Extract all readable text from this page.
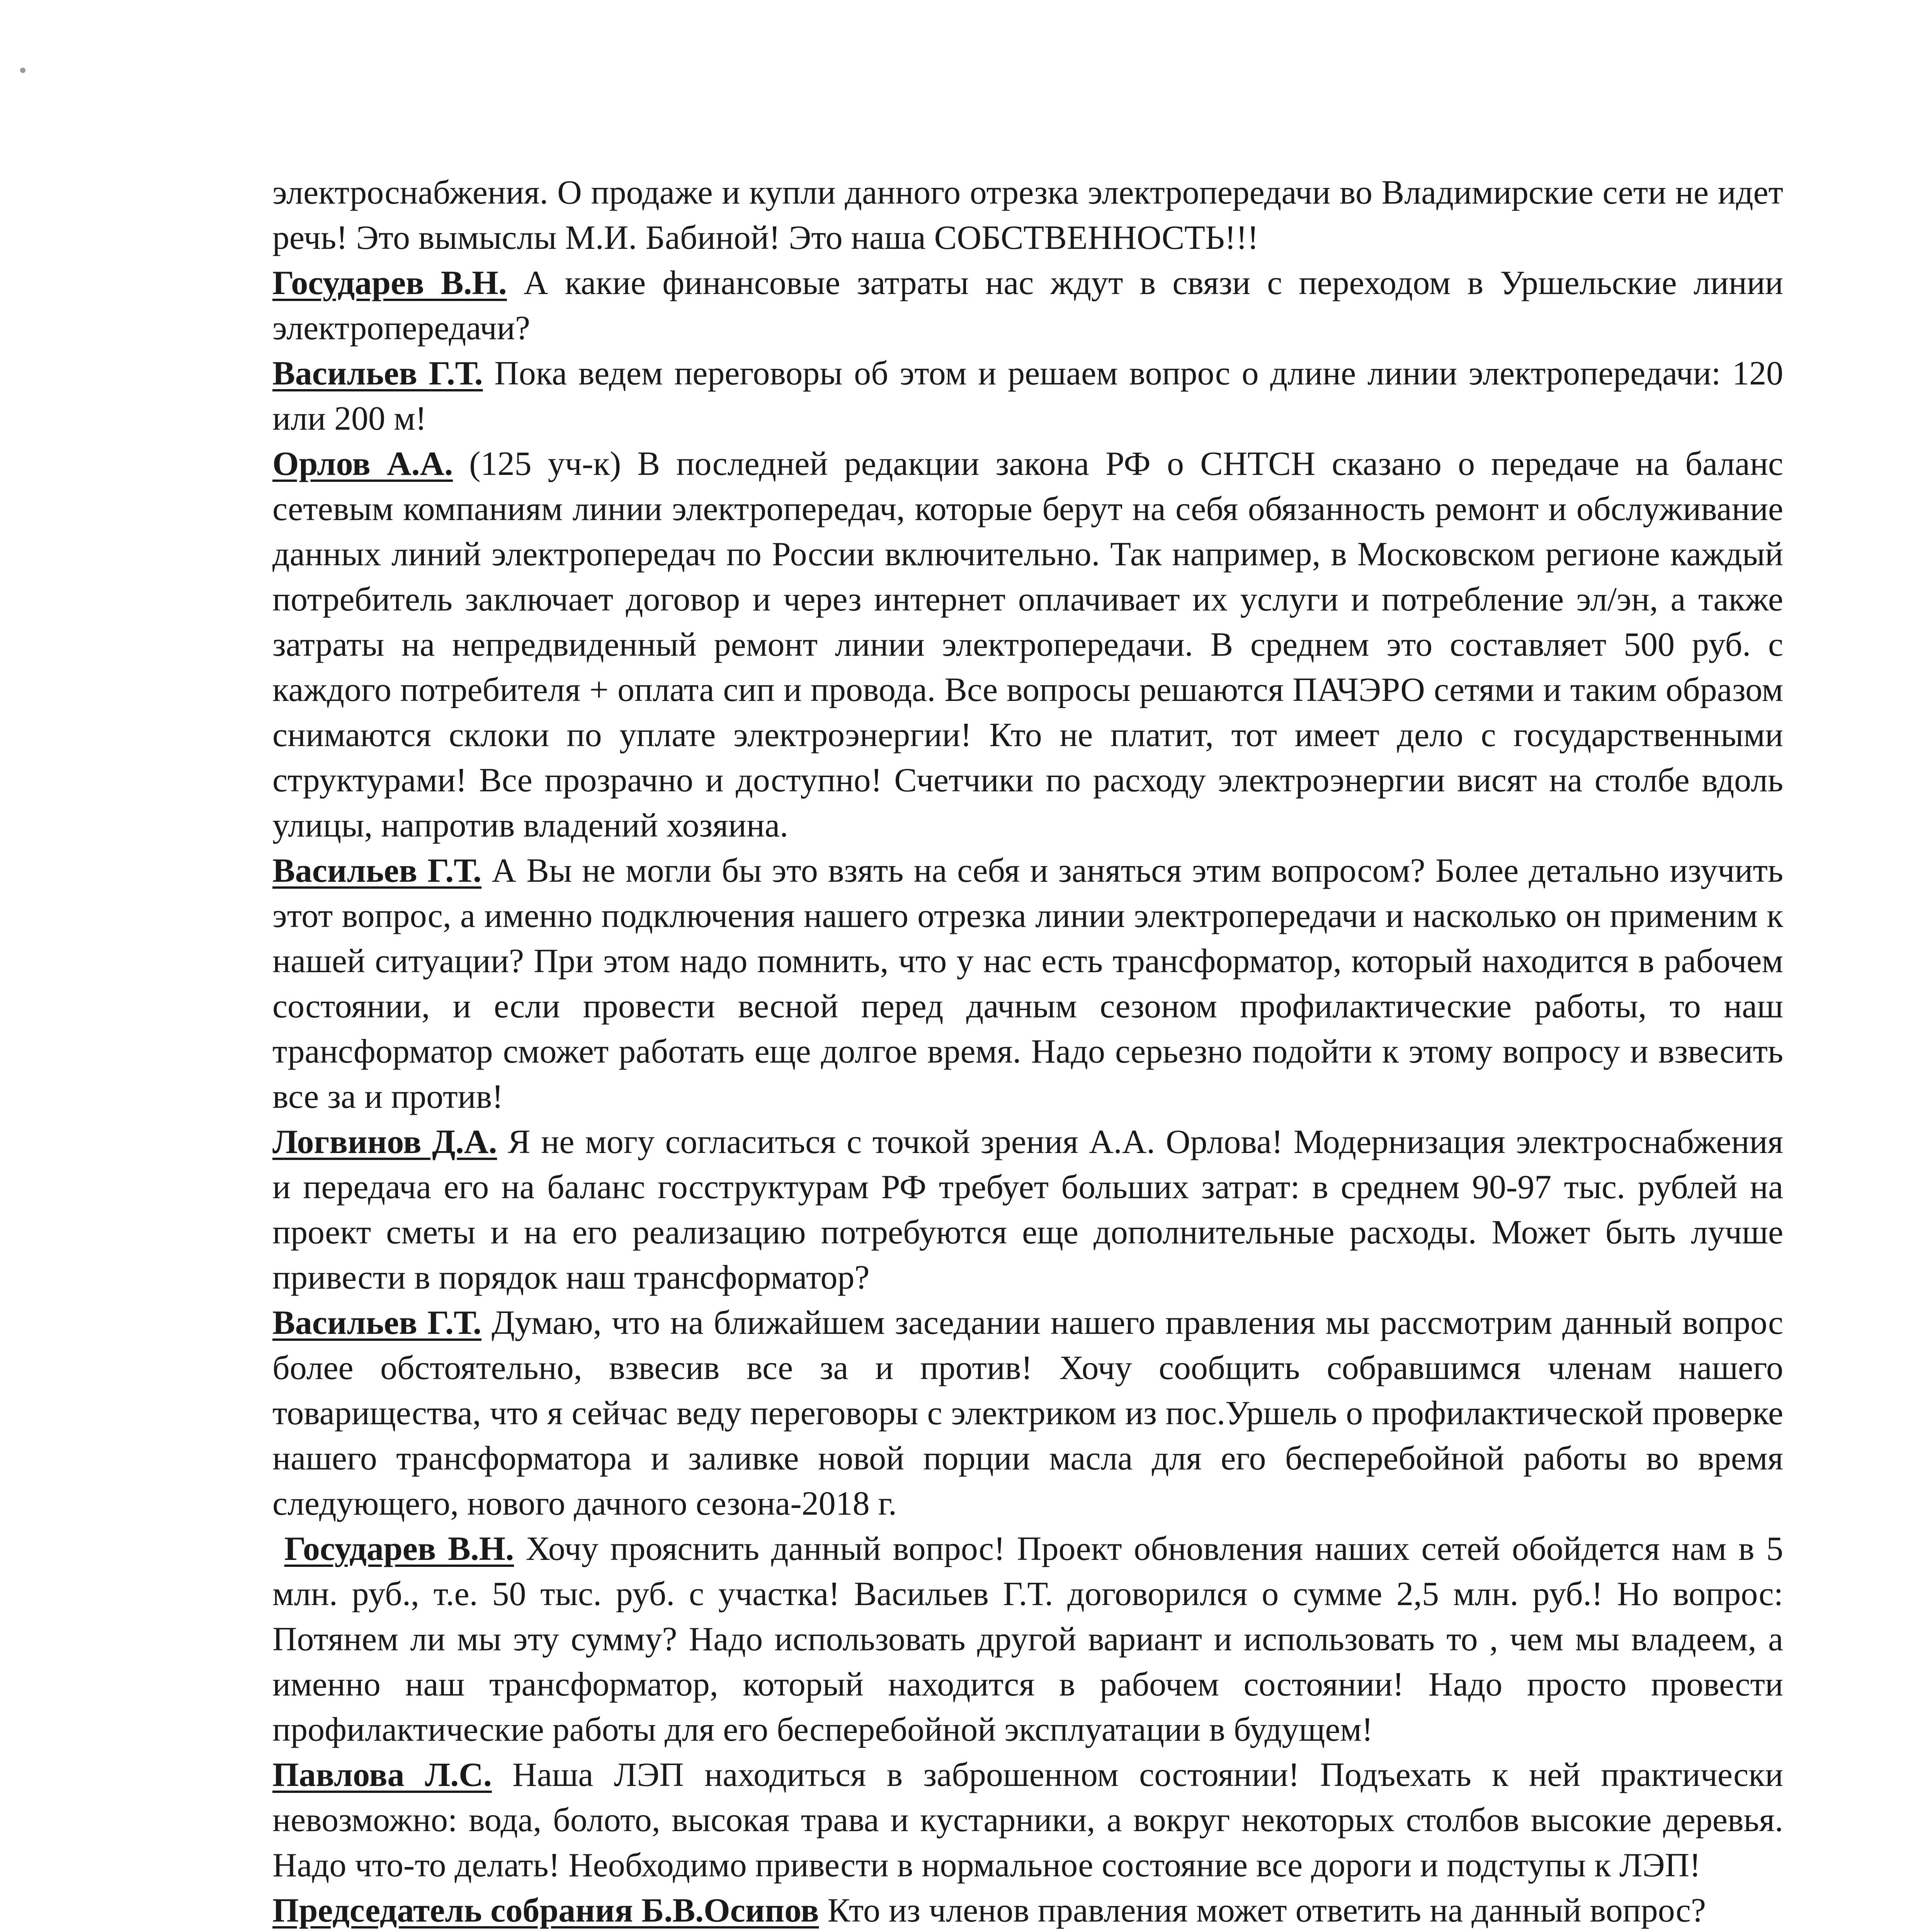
электроснабжения. О продаже и купли данного отрезка электропередачи во Владимирские сети не идет речь! Это вымыслы М.И. Бабиной! Это наша СОБСТВЕННОСТЬ!!!

Государев В.Н. А какие финансовые затраты нас ждут в связи с переходом в Уршельские линии электропередачи?

Васильев Г.Т. Пока ведем переговоры об этом и решаем вопрос о длине линии электропередачи: 120 или 200 м!

Орлов А.А. (125 уч-к) В последней редакции закона РФ о СНТСН сказано о передаче на баланс сетевым компаниям линии электропередач, которые берут на себя обязанность ремонт и обслуживание данных линий электропередач по России включительно. Так например, в Московском регионе каждый потребитель заключает договор и через интернет оплачивает их услуги и потребление эл/эн, а также затраты на непредвиденный ремонт линии электропередачи. В среднем это составляет 500 руб. с каждого потребителя + оплата сип и провода. Все вопросы решаются ПАЧЭРО сетями и таким образом снимаются склоки по уплате электроэнергии! Кто не платит, тот имеет дело с государственными структурами! Все прозрачно и доступно! Счетчики по расходу электроэнергии висят на столбе вдоль улицы, напротив владений хозяина.

Васильев Г.Т. А Вы не могли бы это взять на себя и заняться этим вопросом? Более детально изучить этот вопрос, а именно подключения нашего отрезка линии электропередачи и насколько он применим к нашей ситуации? При этом надо помнить, что у нас есть трансформатор, который находится в рабочем состоянии, и если провести весной перед дачным сезоном профилактические работы, то наш трансформатор сможет работать еще долгое время. Надо серьезно подойти к этому вопросу и взвесить все за и против!

Логвинов Д.А. Я не могу согласиться с точкой зрения А.А. Орлова! Модернизация электроснабжения и передача его на баланс госструктурам РФ требует больших затрат: в среднем 90-97 тыс. рублей на проект сметы и на его реализацию потребуются еще дополнительные расходы. Может быть лучше привести в порядок наш трансформатор?

Васильев Г.Т. Думаю, что на ближайшем заседании нашего правления мы рассмотрим данный вопрос более обстоятельно, взвесив все за и против! Хочу сообщить собравшимся членам нашего товарищества, что я сейчас веду переговоры с электриком из пос.Уршель о профилактической проверке нашего трансформатора и заливке новой порции масла для его бесперебойной работы во время следующего, нового дачного сезона-2018 г.

Государев В.Н. Хочу прояснить данный вопрос! Проект обновления наших сетей обойдется нам в 5 млн. руб., т.е. 50 тыс. руб. с участка! Васильев Г.Т. договорился о сумме 2,5 млн. руб.! Но вопрос: Потянем ли мы эту сумму? Надо использовать другой вариант и использовать то , чем мы владеем, а именно наш трансформатор, который находится в рабочем состоянии! Надо просто провести профилактические работы для его бесперебойной эксплуатации в будущем!

Павлова Л.С. Наша ЛЭП находиться в заброшенном состоянии! Подъехать к ней практически невозможно: вода, болото, высокая трава и кустарники, а вокруг некоторых столбов высокие деревья. Надо что-то делать! Необходимо привести в нормальное состояние все дороги и подступы к ЛЭП!

Председатель собрания Б.В.Осипов Кто из членов правления может ответить на данный вопрос?
